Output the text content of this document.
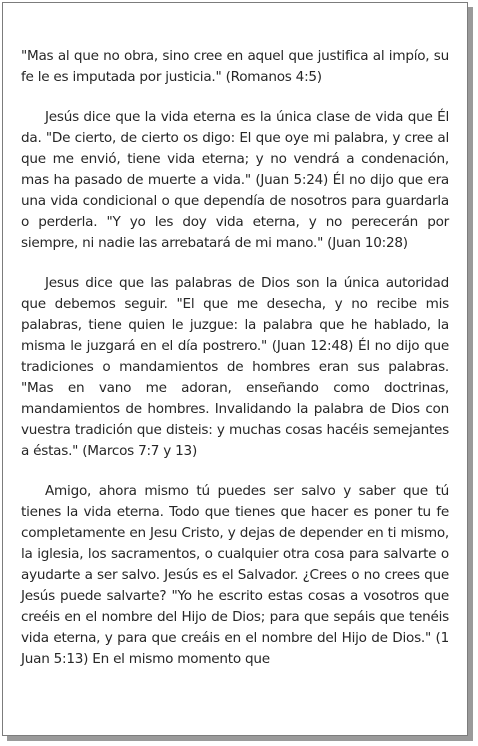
"Mas al que no obra, sino cree en aquel que justifica al impío, su fe le es imputada por justicia." (Romanos 4:5)

Jesús dice que la vida eterna es la única clase de vida que Él da. "De cierto, de cierto os digo: El que oye mi palabra, y cree al que me envió, tiene vida eterna; y no vendrá a condenación, mas ha pasado de muerte a vida." (Juan 5:24) Él no dijo que era una vida condicional o que dependía de nosotros para guardarla o perderla. "Y yo les doy vida eterna, y no perecerán por siempre, ni nadie las arrebatará de mi mano." (Juan 10:28)

Jesus dice que las palabras de Dios son la única autoridad que debemos seguir. "El que me desecha, y no recibe mis palabras, tiene quien le juzgue: la palabra que he hablado, la misma le juzgará en el día postrero." (Juan 12:48) Él no dijo que tradiciones o mandamientos de hombres eran sus palabras. "Mas en vano me adoran, enseñando como doctrinas, mandamientos de hombres. Invalidando la palabra de Dios con vuestra tradición que disteis: y muchas cosas hacéis semejantes a éstas." (Marcos 7:7 y 13)

Amigo, ahora mismo tú puedes ser salvo y saber que tú tienes la vida eterna. Todo que tienes que hacer es poner tu fe completamente en Jesu Cristo, y dejas de depender en ti mismo, la iglesia, los sacramentos, o cualquier otra cosa para salvarte o ayudarte a ser salvo. Jesús es el Salvador. ¿Crees o no crees que Jesús puede salvarte? "Yo he escrito estas cosas a vosotros que creéis en el nombre del Hijo de Dios; para que sepáis que tenéis vida eterna, y para que creáis en el nombre del Hijo de Dios." (1 Juan 5:13) En el mismo momento que
